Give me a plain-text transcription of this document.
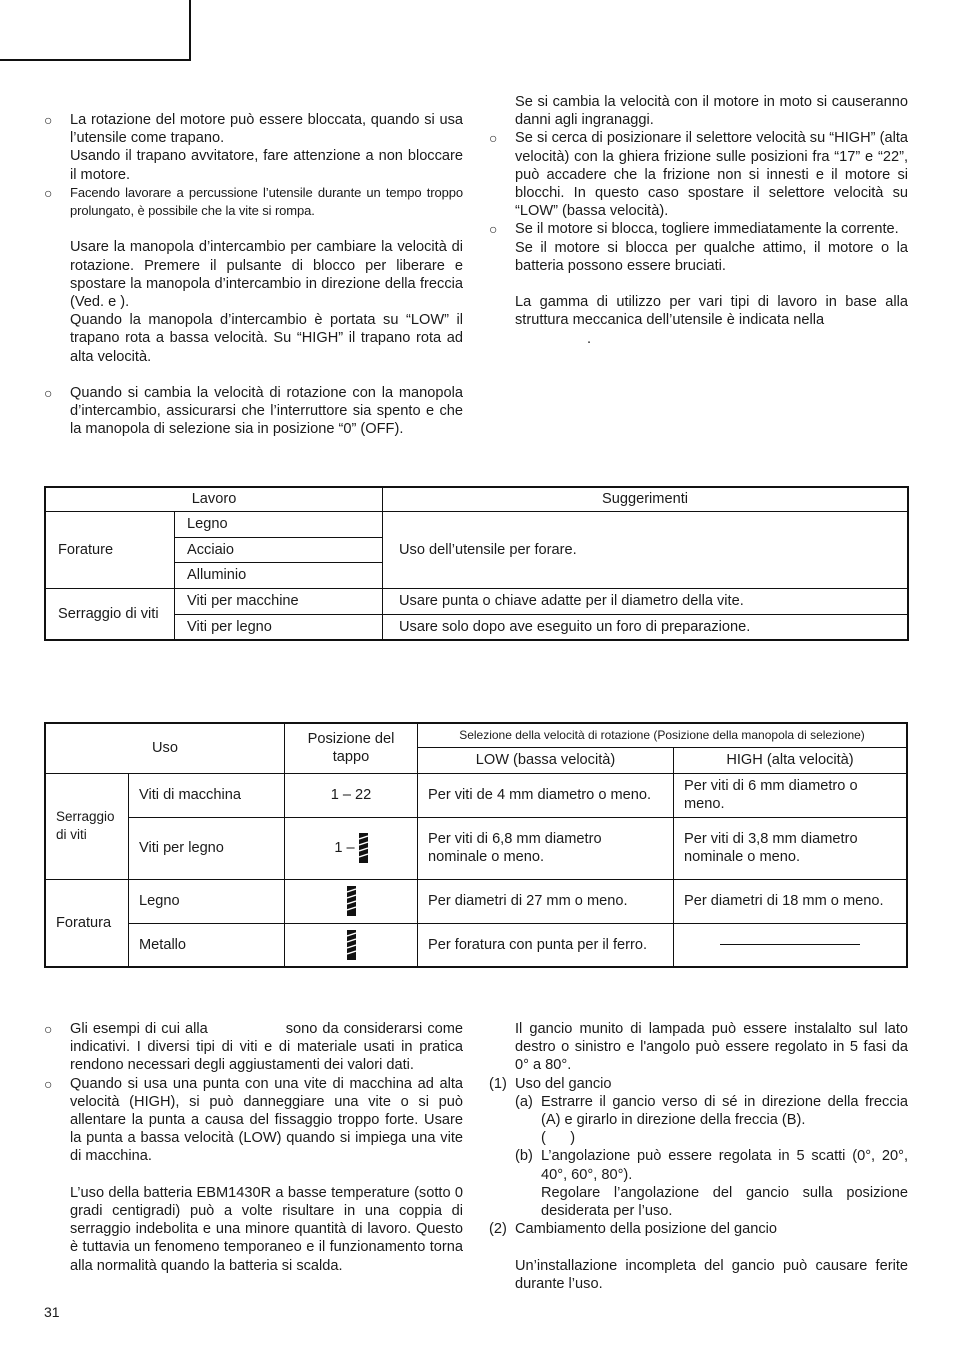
○ La rotazione del motore può essere bloccata, quando si usa l’utensile come trapano.

Usando il trapano avvitatore, fare attenzione a non bloccare il motore.

○ Facendo lavorare a percussione l’utensile durante un tempo troppo prolungato, è possibile che la vite si rompa.

Usare la manopola d’intercambio per cambiare la velocità di rotazione. Premere il pulsante di blocco per liberare e spostare la manopola d’intercambio in direzione della freccia (Ved. e ).

Quando la manopola d’intercambio è portata su “LOW” il trapano rota a bassa velocità. Su “HIGH” il trapano rota ad alta velocità.

○ Quando si cambia la velocità di rotazione con la manopola d’intercambio, assicurarsi che l’interruttore sia spento e che la manopola di selezione sia in posizione “0” (OFF).

Se si cambia la velocità con il motore in moto si causeranno danni agli ingranaggi.

○ Se si cerca di posizionare il selettore velocità su “HIGH” (alta velocità) con la ghiera frizione sulle posizioni fra “17” e “22”, può accadere che la frizione non si innesti e il motore si blocchi. In questo caso spostare il selettore velocità su “LOW” (bassa velocità).

○ Se il motore si blocca, togliere immediatamente la corrente.

Se il motore si blocca per qualche attimo, il motore o la batteria possono essere bruciati.

La gamma di utilizzo per vari tipi di lavoro in base alla struttura meccanica dell’utensile è indicata nella

.

Lavoro		Suggerimenti
Forature	Legno	Uso dell’utensile per forare.
	Acciaio	
	Alluminio	
Serraggio di viti	Viti per macchine	Usare punta o chiave adatte per il diametro della vite.
	Viti per legno	Usare solo dopo ave eseguito un foro di preparazione.
Uso		Posizione del tappo	Selezione della velocità di rotazione (Posizione della manopola di selezione)	
			LOW (bassa velocità)	HIGH (alta velocità)
Serraggio di viti	Viti di macchina	1 – 22	Per viti de 4 mm diametro o meno.	Per viti di 6 mm diametro o meno.
	Viti per legno	1 –	Per viti di 6,8 mm diametro nominale o meno.	Per viti di 3,8 mm diametro nominale o meno.
Foratura	Legno		Per diametri di 27 mm o meno.	Per diametri di 18 mm o meno.
	Metallo		Per foratura con punta per il ferro.	
○ Gli esempi di cui alla	sono da considerarsi come indicativi. I diversi tipi di viti e di materiale usati in pratica rendono necessari degli aggiustamenti dei valori dati.

○ Quando si usa una punta con una vite di macchina ad alta velocità (HIGH), si può danneggiare una vite o si può allentare la punta a causa del fissaggio troppo forte. Usare la punta a bassa velocità (LOW) quando si impiega una vite di macchina.

L’uso della batteria EBM1430R a basse temperature (sotto 0 gradi centigradi) può a volte risultare in una coppia di serraggio indebolita e una minore quantità di lavoro. Questo è tuttavia un fenomeno temporaneo e il funzionamento torna alla normalità quando la batteria si scalda.

Il gancio munito di lampada può essere instalalto sul lato destro o sinistro e l'angolo può essere regolato in 5 fasi da 0° a 80°.

(1) Uso del gancio

(a) Estrarre il gancio verso di sé in direzione della freccia (A) e girarlo in direzione della freccia (B).

(      )

(b) L’angolazione può essere regolata in 5 scatti (0°, 20°, 40°, 60°, 80°).

Regolare l’angolazione del gancio sulla posizione desiderata per l’uso.

(2) Cambiamento della posizione del gancio

Un’installazione incompleta del gancio può causare ferite durante l’uso.

31
